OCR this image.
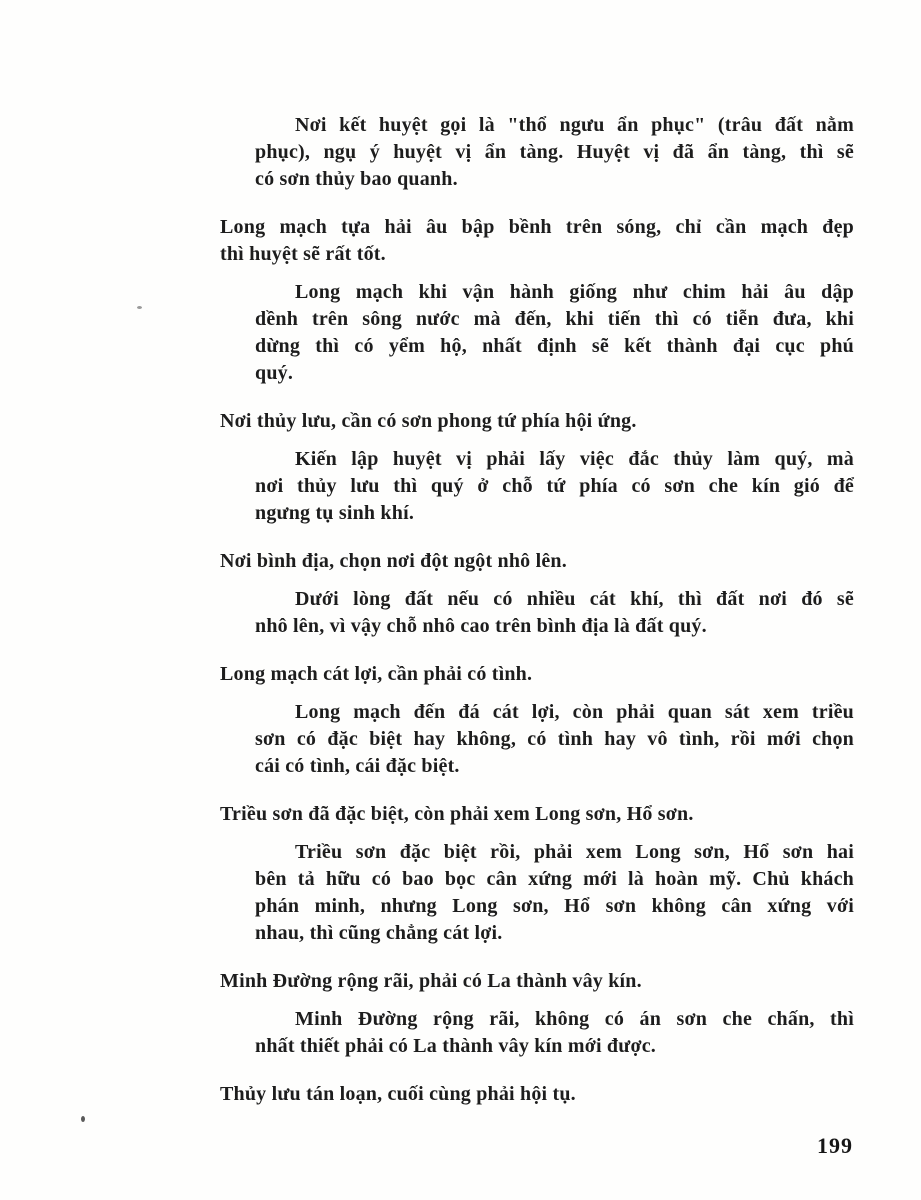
Nơi kết huyệt gọi là "thổ ngưu ẩn phục" (trâu đất nằm
phục), ngụ ý huyệt vị ẩn tàng. Huyệt vị đã ẩn tàng, thì sẽ
có sơn thủy bao quanh.
Long mạch tựa hải âu bập bềnh trên sóng, chỉ cần mạch đẹp
thì huyệt sẽ rất tốt.
Long mạch khi vận hành giống như chim hải âu dập
dềnh trên sông nước mà đến, khi tiến thì có tiễn đưa, khi
dừng thì có yểm hộ, nhất định sẽ kết thành đại cục phú
quý.
Nơi thủy lưu, cần có sơn phong tứ phía hội ứng.
Kiến lập huyệt vị phải lấy việc đắc thủy làm quý, mà
nơi thủy lưu thì quý ở chỗ tứ phía có sơn che kín gió để
ngưng tụ sinh khí.
Nơi bình địa, chọn nơi đột ngột nhô lên.
Dưới lòng đất nếu có nhiều cát khí, thì đất nơi đó sẽ
nhô lên, vì vậy chỗ nhô cao trên bình địa là đất quý.
Long mạch cát lợi, cần phải có tình.
Long mạch đến đá cát lợi, còn phải quan sát xem triều
sơn có đặc biệt hay không, có tình hay vô tình, rồi mới chọn
cái có tình, cái đặc biệt.
Triều sơn đã đặc biệt, còn phải xem Long sơn, Hổ sơn.
Triều sơn đặc biệt rồi, phải xem Long sơn, Hổ sơn hai
bên tả hữu có bao bọc cân xứng mới là hoàn mỹ. Chủ khách
phán minh, nhưng Long sơn, Hổ sơn không cân xứng với
nhau, thì cũng chẳng cát lợi.
Minh Đường rộng rãi, phải có La thành vây kín.
Minh Đường rộng rãi, không có án sơn che chấn, thì
nhất thiết phải có La thành vây kín mới được.
Thủy lưu tán loạn, cuối cùng phải hội tụ.
199
